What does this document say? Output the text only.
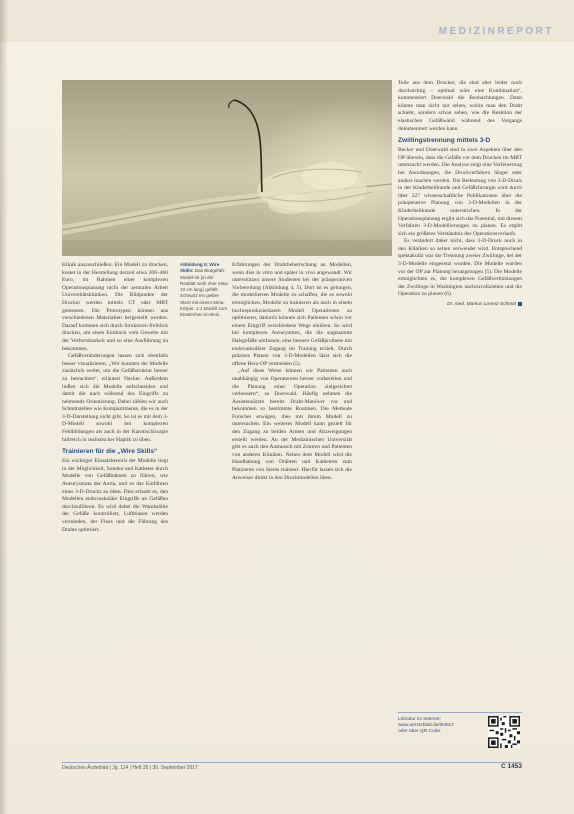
MEDIZINREPORT

Klinik auszuschließen. Ein Modell zu drucken, kostet in der Herstellung derzeit etwa 200–400 Euro, im Rahmen einer komplexen Operationsplanung nicht der zentralen Arbeit Universitätskliniken. Die Bildpunkte der Drucker werden mittels CT oder MRT gemessen. Die Prototypen können aus verschiedenen Materialien hergestellt werden. Darauf kommen sich durch Strukturen freiblick drucken, um einen Eindruck vom Gewebe mit der Verformbarkeit und so eine Ausführung zu bekommen.

Gefäßveränderungen lassen sich ebenfalls besser visualisieren. „Wir konnten die Modelle zusätzlich weiter, um die Gefäßstruktur besser zu betrachten“, erläutert Necker. Außerdem ließen sich die Modelle aufschneiden und damit die nach während des Eingriffs zu nehmende Orientierung. Dabei zählen wir auch Schnittstellen wie Kompartimente, die es in der 3-D-Darstellung nicht gibt. So ist es mit dem 3-D-Modell sowohl bei komplexen Fehlbildungen als auch in der Karotischirurgie hilfreich in realistischer Haptik zu üben.

Trainieren für die „Wire Skills“

Ein wichtiger Einsatzbereich der Modelle liegt in der Möglichkeit, Sonden und Katheter durch Modelle von Gefäßbahnen zu führen, wie Aneurysmata der Aorta, und so das Einführen eines 3-D-Drucks zu üben. Dies erlaubt es, den Modellen endovaskuläre Eingriffe an Gefäßen durchzuführen. Es wird dabei die Wandstärke der Gefäße kontrolliert, Luftblasen werden vermieden, der Fluss und die Führung des Drahts optimiert.

Abbildung 5: Wire Skills: Das Blutgefäß-Modell ist (in der Realität wohl eher etwa 10 cm lang) gefüllt. Schwarz ein gelber Stent mit einem Meta-Körper. 1:1 Modell zum Einstechen im Bein.

Erfahrungen der Drahtbeherrschung an Modellen, wenn dies in vitro und später in vivo angewandt. Wir unterstützen unsere Studenten bei der präoperativen Vorbereitung (Abbildung 4, 5). Dort ist es gelungen, die modellierten Modelle zu schaffen, die es sowohl ermöglichen, Modelle zu trainieren als auch in einem hochreproduzierbaren Modell Operationen zu optimieren, dadurch können sich Patienten schon vor einem Eingriff verschiedene Wege einüben. So wird bei komplexen Aneurysmen, die die sogenannte Halsgefäße umfassen, eine bessere Gefäßprothese mit endovaskulärer Zugang im Training erzielt. Durch präzises Planen von 3-D-Modellen lässt sich die offene Herz-OP vermeiden (5).

„Auf diese Weise können wir Patienten auch unabhängig von Operateuren besser vorbereiten und die Planung einer Operation zielgerichtet verbessern“, so Doerwald. Häufig nehmen die Assistenzärzte bereits Draht-Manöver vor und bekommen so bestimmte Routinen. Die Methode Forscher erwägen, dies mit ihrem Modell zu untersuchen. Ein weiteres Modell kann gezielt für den Zugang zu beiden Armen und Abzweigungen erstellt werden. An der Medizinischen Universität gibt es auch den Austausch mit Zentren und Patienten von anderen Kliniken. Neben dem Modell wird die Handhabung von Drähten und Kathetern zum Platzieren von Stents trainiert. Hierfür lassen sich die Anweiser direkt in den Druckmodellen üben.

Teile aus dem Drucker, die sind aber leider noch durchsichtig – optimal wäre eine Kombination“, kommentiert Doerwald die Beobachtungen. Dann könnte man nicht nur sehen, wohin man den Draht schiebt, sondern schon sehen, wie die Reaktion der elastischen Gefäßwand während des Vorgangs dokumentiert werden kann.

Zwillingstrennung mittels 3-D

Becker und Doerwald sind in zwei Aspekten über den OP überein, dass die Gefäße vor dem Drucken im MRT untersucht werden. Die Analyse zeigt eine Verfeinerung bei Anordnungen, die Druckverfahren länger oder anders machen werden. Die Bedeutung von 3-D-Druck in der Kinderheilkunde und Gefäßchirurgie wird durch über 227 wissenschaftliche Publikationen über die präoperative Planung von 3-D-Modellen in der Kinderheilkunde unterstrichen. In der Operationsplanung ergibt sich das Potential, mit diesem Verfahren 3-D-Modellierungen zu planen. Es ergibt sich ein größeres Verständnis des Operationsverlaufs.

Es verändert daher nicht, dass 3-D-Druck noch in den Kliniken so selten verwendet wird. Entsprechend spektakulär war die Trennung zweier Zwillinge, bei der 3-D-Modelle eingesetzt wurden. Die Modelle wurden vor der OP zur Planung herangezogen (5). Die Modelle ermöglichten es, die komplexen Gefäßverbindungen der Zwillinge in Washington nachzuvollziehen und die Operation zu planen (6).

Dr. med. Markus Lorenz-Schmitt

Literatur im Internet:
www.aerzteblatt.de/lit4817
oder über QR-Code.
Deutsches Ärzteblatt | Jg. 114 | Heft 35 | 30. September 2017	C 1453
